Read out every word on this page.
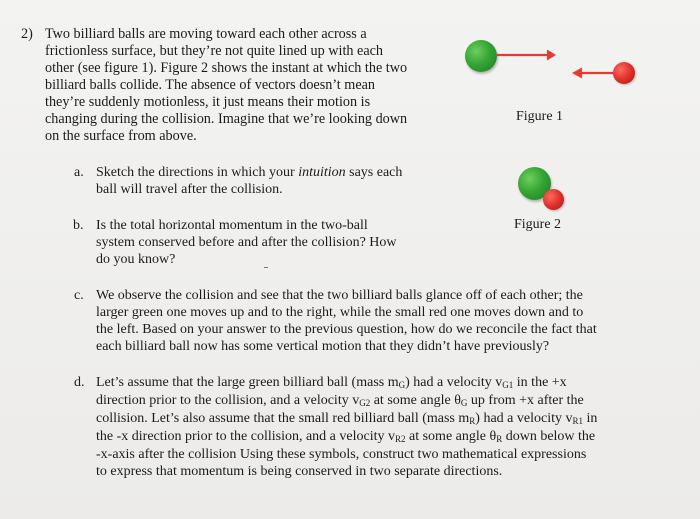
2) Two billiard balls are moving toward each other across a
frictionless surface, but they’re not quite lined up with each
other (see figure 1). Figure 2 shows the instant at which the two
billiard balls collide. The absence of vectors doesn’t mean
they’re suddenly motionless, it just means their motion is
changing during the collision. Imagine that we’re looking down
on the surface from above.
Figure 1
a. Sketch the directions in which your intuition says each
ball will travel after the collision.
Figure 2
b. Is the total horizontal momentum in the two-ball
system conserved before and after the collision? How
do you know?
c. We observe the collision and see that the two billiard balls glance off of each other; the
larger green one moves up and to the right, while the small red one moves down and to
the left. Based on your answer to the previous question, how do we reconcile the fact that
each billiard ball now has some vertical motion that they didn’t have previously?
d. Let’s assume that the large green billiard ball (mass mG) had a velocity vG1 in the +x
direction prior to the collision, and a velocity vG2 at some angle θG up from +x after the
collision. Let’s also assume that the small red billiard ball (mass mR) had a velocity vR1 in
the -x direction prior to the collision, and a velocity vR2 at some angle θR down below the
-x-axis after the collision Using these symbols, construct two mathematical expressions
to express that momentum is being conserved in two separate directions.
